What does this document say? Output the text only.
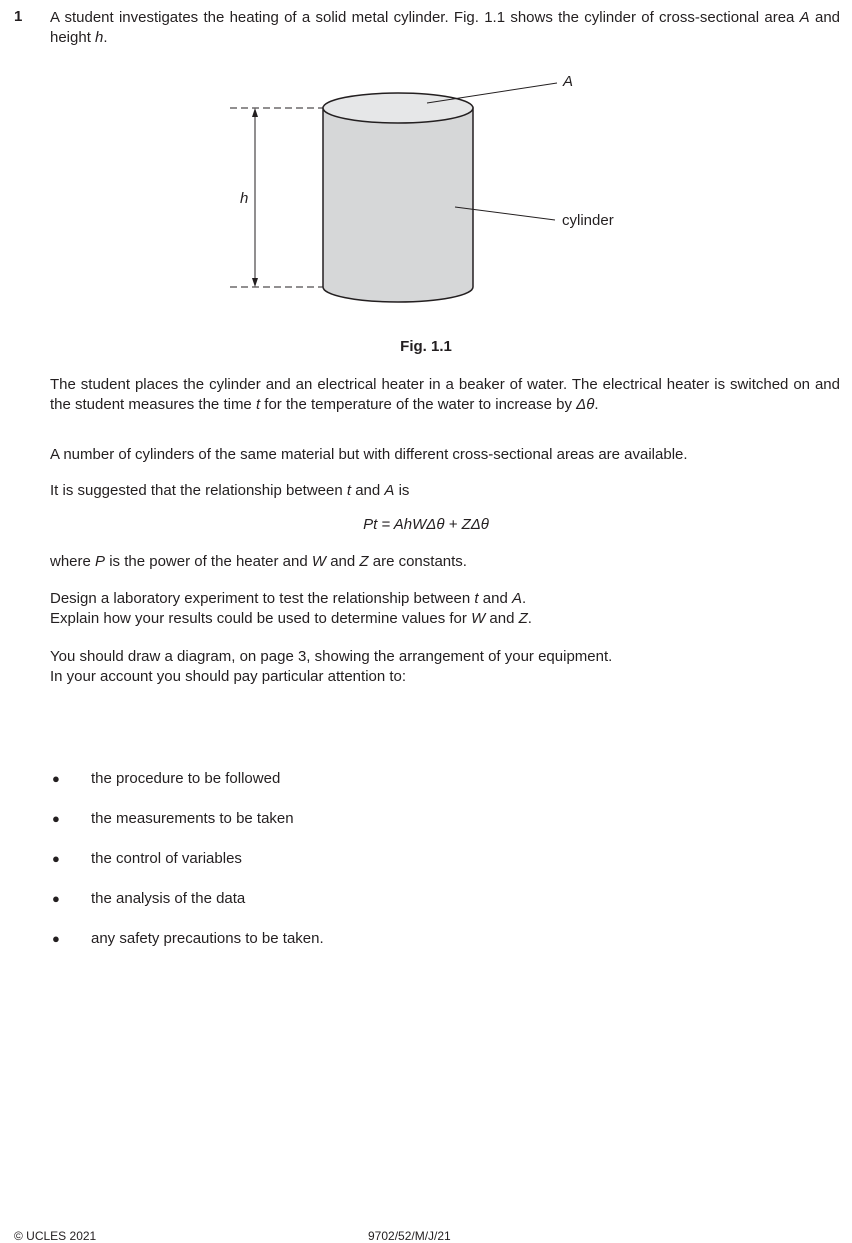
1 A student investigates the heating of a solid metal cylinder. Fig. 1.1 shows the cylinder of cross-sectional area A and height h.
A
h
cylinder
Fig. 1.1
The student places the cylinder and an electrical heater in a beaker of water. The electrical heater is switched on and the student measures the time t for the temperature of the water to increase by Δθ.
A number of cylinders of the same material but with different cross-sectional areas are available.
It is suggested that the relationship between t and A is
Pt = AhWΔθ + ZΔθ
where P is the power of the heater and W and Z are constants.
Design a laboratory experiment to test the relationship between t and A.
Explain how your results could be used to determine values for W and Z.
You should draw a diagram, on page 3, showing the arrangement of your equipment.
In your account you should pay particular attention to:
● the procedure to be followed
● the measurements to be taken
● the control of variables
● the analysis of the data
● any safety precautions to be taken.
© UCLES 2021	9702/52/M/J/21
